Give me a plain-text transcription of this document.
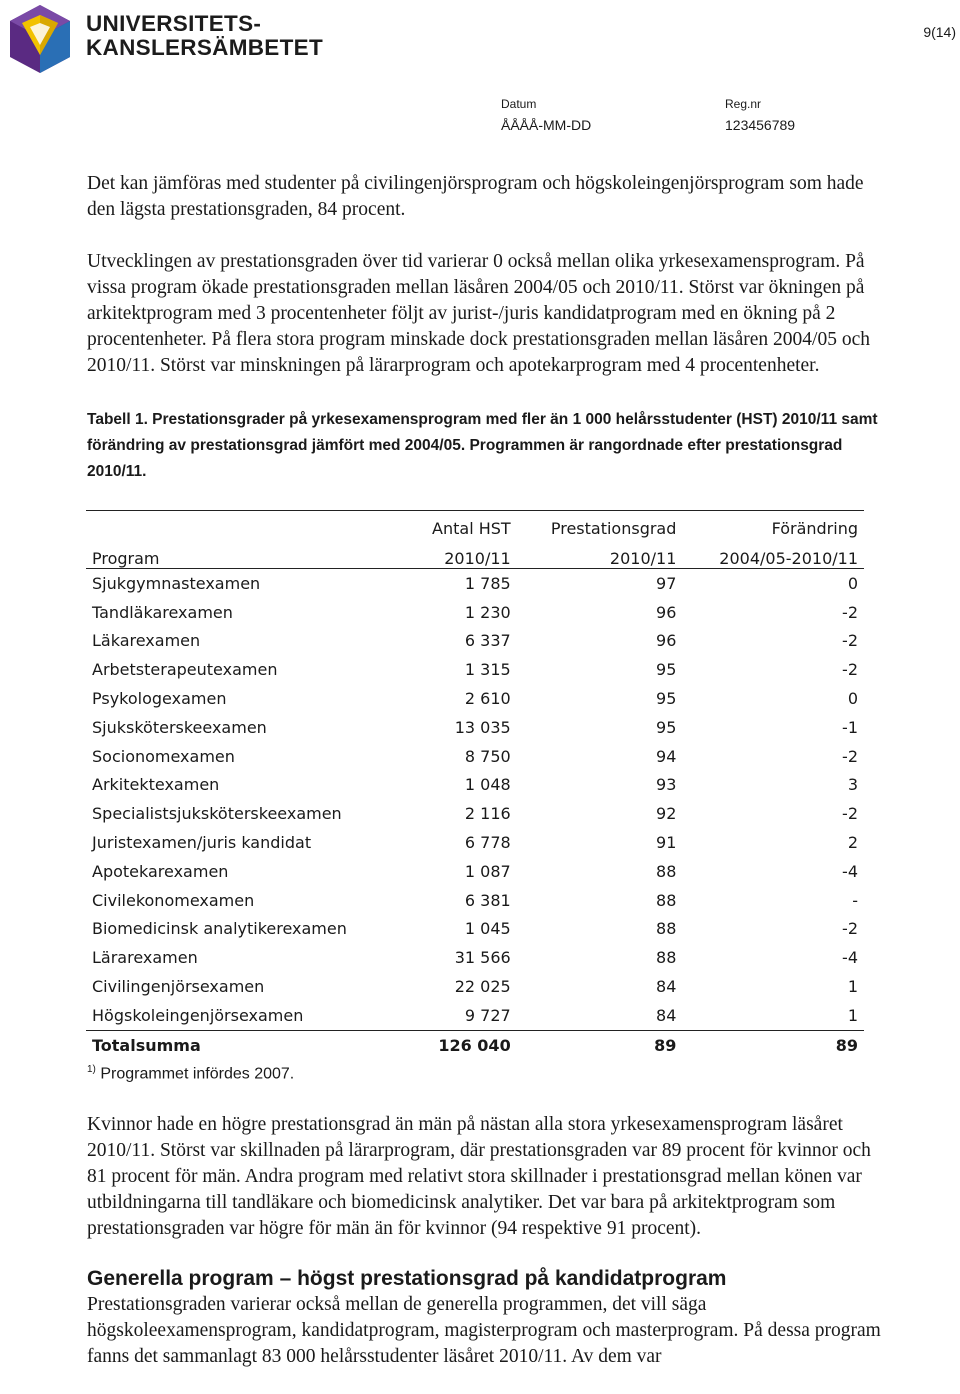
UNIVERSITETS-
KANSLERSÄMBETET
9(14)
Datum
ÅÅÅÅ-MM-DD
Reg.nr
123456789

Det kan jämföras med studenter på civilingenjörsprogram och högskoleingenjörsprogram som hade den lägsta prestationsgraden, 84 procent.

Utvecklingen av prestationsgraden över tid varierar 0 också mellan olika yrkesexamensprogram. På vissa program ökade prestationsgraden mellan läsåren 2004/05 och 2010/11. Störst var ökningen på arkitektprogram med 3 procentenheter följt av jurist-/juris kandidatprogram med en ökning på 2 procentenheter. På flera stora program minskade dock prestationsgraden mellan läsåren 2004/05 och 2010/11. Störst var minskningen på lärarprogram och apotekarprogram med 4 procentenheter.

Tabell 1. Prestationsgrader på yrkesexamensprogram med fler än 1 000 helårsstudenter (HST) 2010/11 samt förändring av prestationsgrad jämfört med 2004/05. Programmen är rangordnade efter prestationsgrad 2010/11.

	Antal HST	Prestationsgrad	Förändring
Program	2010/11	2010/11	2004/05-2010/11
Sjukgymnastexamen	1 785	97	0
Tandläkarexamen	1 230	96	-2
Läkarexamen	6 337	96	-2
Arbetsterapeutexamen	1 315	95	-2
Psykologexamen	2 610	95	0
Sjuksköterskeexamen	13 035	95	-1
Socionomexamen	8 750	94	-2
Arkitektexamen	1 048	93	3
Specialistsjuksköterskeexamen	2 116	92	-2
Juristexamen/juris kandidat	6 778	91	2
Apotekarexamen	1 087	88	-4
Civilekonomexamen	6 381	88	-
Biomedicinsk analytikerexamen	1 045	88	-2
Lärarexamen	31 566	88	-4
Civilingenjörsexamen	22 025	84	1
Högskoleingenjörsexamen	9 727	84	1
Totalsumma	126 040	89	89
$^{1)}$ Programmet infördes 2007.

Kvinnor hade en högre prestationsgrad än män på nästan alla stora yrkesexamensprogram läsåret 2010/11. Störst var skillnaden på lärarprogram, där prestationsgraden var 89 procent för kvinnor och 81 procent för män. Andra program med relativt stora skillnader i prestationsgrad mellan könen var utbildningarna till tandläkare och biomedicinsk analytiker. Det var bara på arkitektprogram som prestationsgraden var högre för män än för kvinnor (94 respektive 91 procent).

Generella program – högst prestationsgrad på kandidatprogram

Prestationsgraden varierar också mellan de generella programmen, det vill säga högskoleexamensprogram, kandidatprogram, magisterprogram och masterprogram. På dessa program fanns det sammanlagt 83 000 helårsstudenter läsåret 2010/11. Av dem var
